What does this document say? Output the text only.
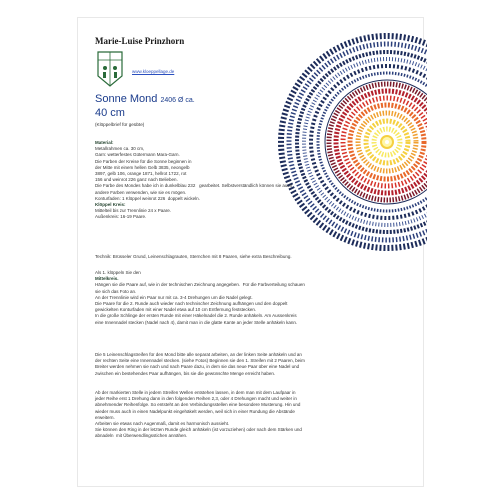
Marie-Luise Prinzhorn
www.kloeppellage.de
Sonne Mond 2406 Ø ca.
40 cm
(Klöppelbrief für geübte)

Material:

Metallrahmen ca. 30 cm,

Garn: wetterfestes Gütermann Mara-Garn.

Die Farben der Kreise für die Sonne beginnen in

der Mitte mit einem hellen Gelb 3835, neongelb

3897, gelb 106, orange 1871, hellrot 1722, rot

156 und weinrot 226 ganz nach Belieben.

Die Farbe des Mondes habe ich in dunkelblau 232   gearbeitet. Selbstverständlich können sie auch

andere Farben verwenden, wie sie es mögen.

Konturfaden: 1 Klöppel weinrot 226  doppelt wickeln.

Klöppel Kreis:

Mittelteil bis zur Trennlinie 24 x Paare.

Außenkreis: 16-19 Paare.

Technik: Brüsseler Grund, Leinenschlagrauten, Sternchen mit 8 Paaren, siehe extra Beschreibung.

Als 1. klöppeln Sie den

Mittelkreis.

Hängen sie die Paare auf, wie in der technischen Zeichnung angegeben.  Für die Farbverteilung schauen

sie sich das Foto an.

An der Trennlinie wird ein Paar nur mit ca. 3-4 Drehungen um die Nadel gelegt.

Die Paare für die 2. Runde auch wieder nach technischer Zeichnung aufhängen und den doppelt

gewickelten Konturfaden mit einer Nadel etwa auf 10 cm Entfernung feststecken.

In die große Schlinge der ersten Runde mit einer Häkelnadel die 2. Runde anhäkeln. Am Aussenkreis

eine Innennadel stecken (Nadel nach 4), damit man in die glatte Kante an jeder Stelle anhäkeln kann.

Die 5 Leinenschlagstreifen für den Mond bitte alle separat arbeiten, an der linken Seite anhäkeln und an

der rechten Seite eine Innennadel stecken. (siehe Fotos) Beginnen sie den 1. Streifen mit 2 Paaren, beim

Breiter werden nehmen sie nach und nach Paare dazu, in dem sie das neue Paar über eine Nadel und

zwischen ein bestehendes Paar aufhängen, bis sie die gewünschte Menge erreicht haben.

Ab der markierten Stelle in jedem Streifen Wellen entstehen lassen, in dem man mit dem Laufpaar in

jeder Reihe erst 1 Drehung dann in den folgenden Reihen 2,3, oder 4 Drehungen macht und weiter in

abnehmender Reihenfolge. So entsteht an den Verbindungsstellen eine besondere Musterung. Hin und

wieder muss auch in einen Nadelpunkt eingehäkelt werden, weil sich in einer Rundung die Abstände

erweitern.

Arbeiten sie etwas nach Augenmaß, damit es harmonisch aussieht.

Sie können den Ring in der letzten Runde gleich anhäkeln (ist vorzuziehen) oder nach dem Stärken und

abnadeln  mit Überwendlingsstichen annähen.
